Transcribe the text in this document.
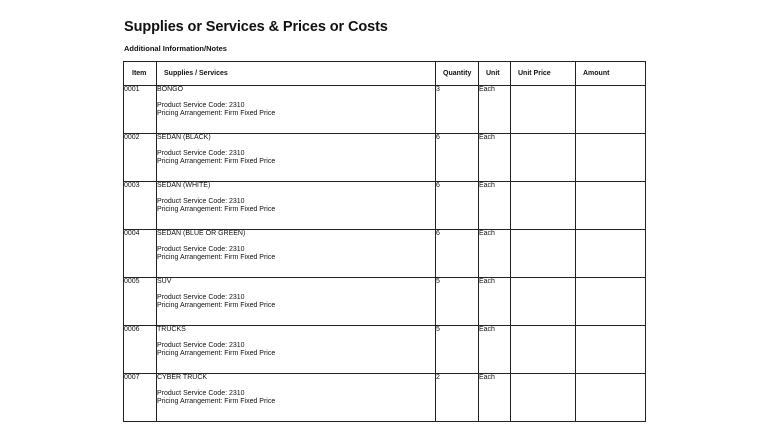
Supplies or Services & Prices or Costs
Additional Information/Notes
Item	Supplies / Services	Quantity	Unit	Unit Price	Amount
0001	BONGO
Product Service Code: 2310
Pricing Arrangement: Firm Fixed Price	3	Each		
0002	SEDAN (BLACK)
Product Service Code: 2310
Pricing Arrangement: Firm Fixed Price	6	Each		
0003	SEDAN (WHITE)
Product Service Code: 2310
Pricing Arrangement: Firm Fixed Price	6	Each		
0004	SEDAN (BLUE OR GREEN)
Product Service Code: 2310
Pricing Arrangement: Firm Fixed Price	6	Each		
0005	SUV
Product Service Code: 2310
Pricing Arrangement: Firm Fixed Price	5	Each		
0006	TRUCKS
Product Service Code: 2310
Pricing Arrangement: Firm Fixed Price	5	Each		
0007	CYBER TRUCK
Product Service Code: 2310
Pricing Arrangement: Firm Fixed Price	2	Each		
